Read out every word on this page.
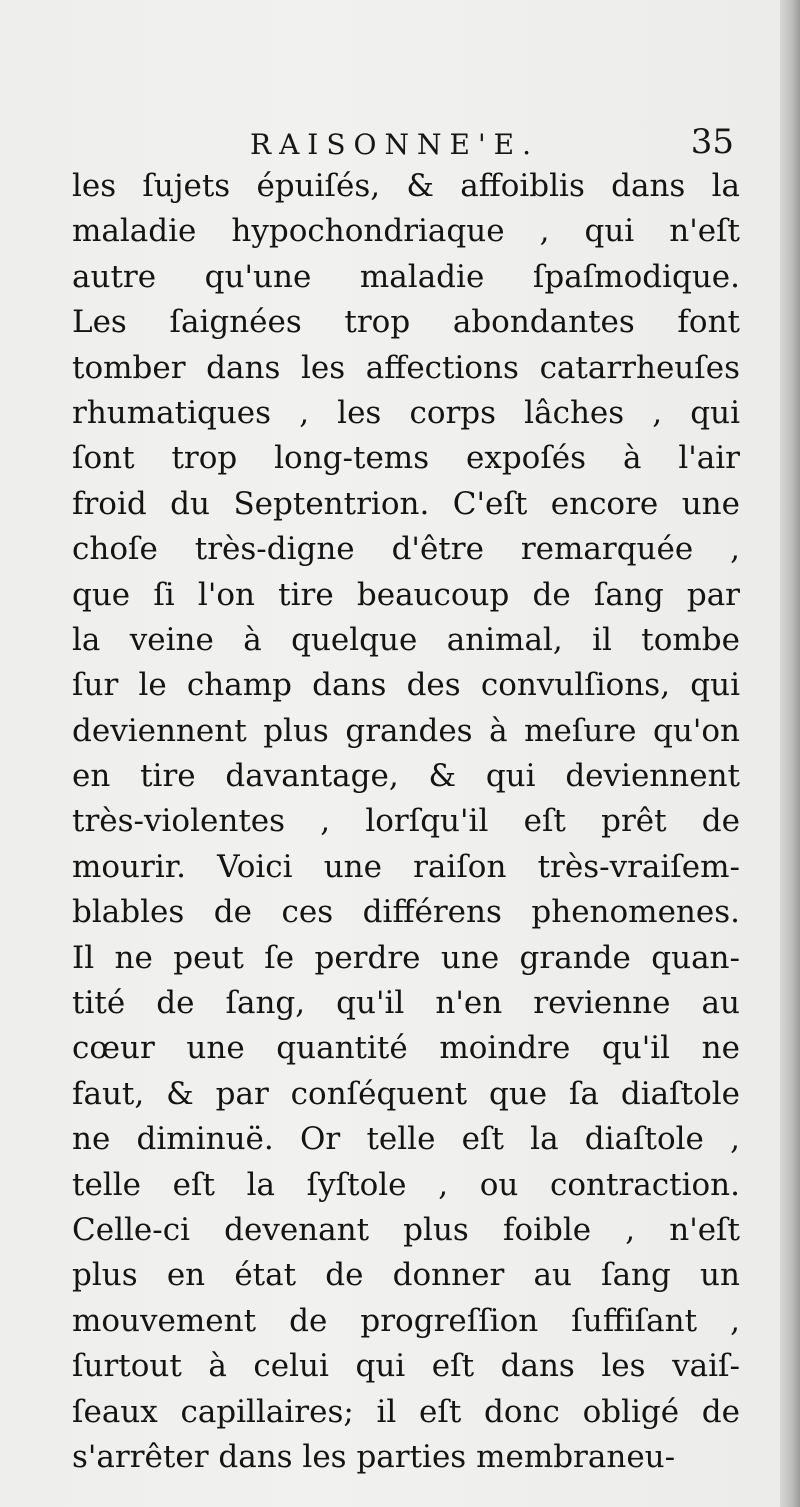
RAISONNE'E.	35
les ſujets épuiſés, & affoiblis dans la
maladie hypochondriaque , qui n'eſt
autre qu'une maladie ſpaſmodique.
Les ſaignées trop abondantes font
tomber dans les affections catarrheuſes
rhumatiques , les corps lâches , qui
ſont trop long-tems expoſés à l'air
froid du Septentrion. C'eſt encore une
choſe très-digne d'être remarquée ,
que ſi l'on tire beaucoup de ſang par
la veine à quelque animal, il tombe
ſur le champ dans des convulſions, qui
deviennent plus grandes à meſure qu'on
en tire davantage, & qui deviennent
très-violentes , lorſqu'il eſt prêt de
mourir. Voici une raiſon très-vraiſem-
blables de ces différens phenomenes.
Il ne peut ſe perdre une grande quan-
tité de ſang, qu'il n'en revienne au
cœur une quantité moindre qu'il ne
faut, & par conſéquent que ſa diaſtole
ne diminuë. Or telle eſt la diaſtole ,
telle eſt la ſyſtole , ou contraction.
Celle-ci devenant plus foible , n'eſt
plus en état de donner au ſang un
mouvement de progreſſion ſuffiſant ,
ſurtout à celui qui eſt dans les vaiſ-
ſeaux capillaires; il eſt donc obligé de
s'arrêter dans les parties membraneu-
